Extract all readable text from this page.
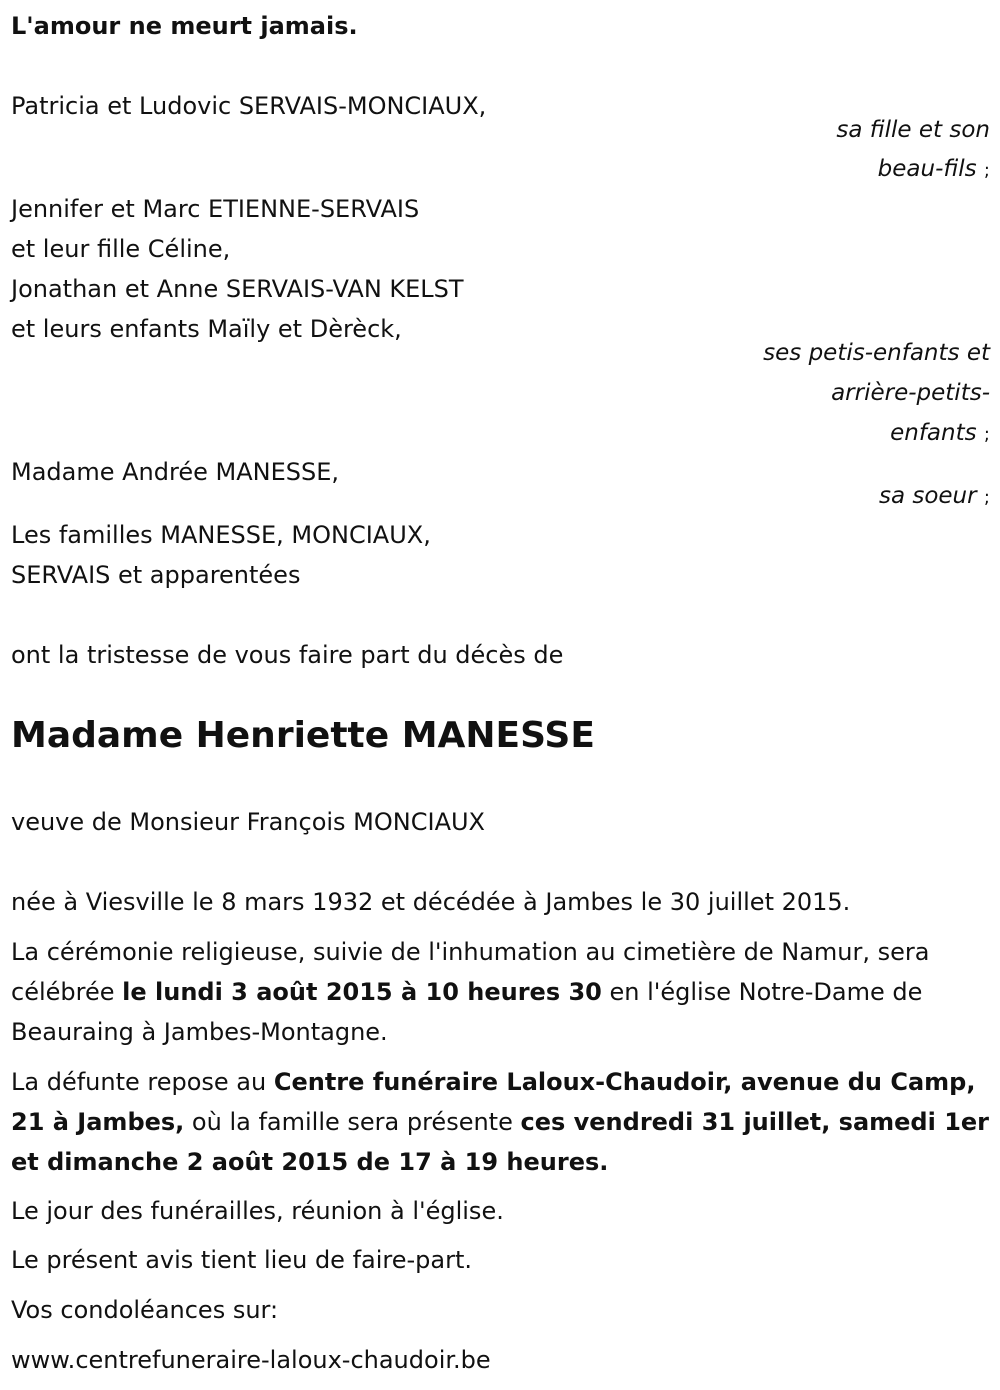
L'amour ne meurt jamais.
Patricia et Ludovic SERVAIS-MONCIAUX,
sa fille et son
beau-fils ;
Jennifer et Marc ETIENNE-SERVAIS
et leur fille Céline,
Jonathan et Anne SERVAIS-VAN KELST
et leurs enfants Maïly et Dèrèck,
ses petis-enfants et
arrière-petits-
enfants ;
Madame Andrée MANESSE,
sa soeur ;
Les familles MANESSE, MONCIAUX,
SERVAIS et apparentées
ont la tristesse de vous faire part du décès de
Madame Henriette MANESSE
veuve de Monsieur François MONCIAUX
née à Viesville le 8 mars 1932 et décédée à Jambes le 30 juillet 2015.
La cérémonie religieuse, suivie de l'inhumation au cimetière de Namur, sera célébrée le lundi 3 août 2015 à 10 heures 30 en l'église Notre-Dame de Beauraing à Jambes-Montagne.
La défunte repose au Centre funéraire Laloux-Chaudoir, avenue du Camp, 21 à Jambes, où la famille sera présente ces vendredi 31 juillet, samedi 1er et dimanche 2 août 2015 de 17 à 19 heures.
Le jour des funérailles, réunion à l'église.
Le présent avis tient lieu de faire-part.
Vos condoléances sur:
www.centrefuneraire-laloux-chaudoir.be
